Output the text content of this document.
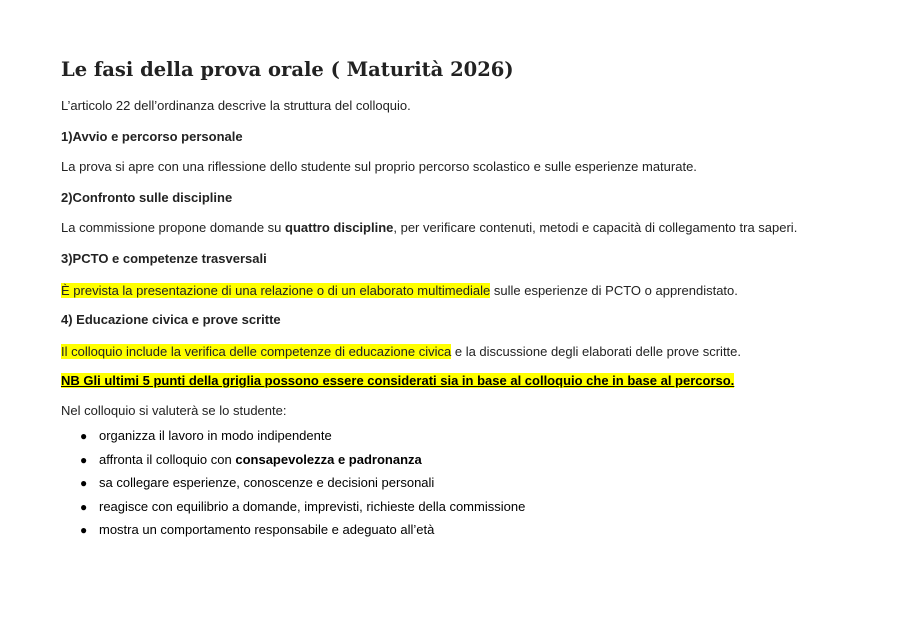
Le fasi della prova orale ( Maturità 2026)
L’articolo 22 dell’ordinanza descrive la struttura del colloquio.
1)Avvio e percorso personale
La prova si apre con una riflessione dello studente sul proprio percorso scolastico e sulle esperienze maturate.
2)Confronto sulle discipline
La commissione propone domande su quattro discipline, per verificare contenuti, metodi e capacità di collegamento tra saperi.
3)PCTO e competenze trasversali
È prevista la presentazione di una relazione o di un elaborato multimediale sulle esperienze di PCTO o apprendistato.
4) Educazione civica e prove scritte
Il colloquio include la verifica delle competenze di educazione civica e la discussione degli elaborati delle prove scritte.
NB Gli ultimi 5 punti della griglia possono essere considerati sia in base al colloquio che in base al percorso.
Nel colloquio si valuterà se lo studente:
● organizza il lavoro in modo indipendente
● affronta il colloquio con consapevolezza e padronanza
● sa collegare esperienze, conoscenze e decisioni personali
● reagisce con equilibrio a domande, imprevisti, richieste della commissione
● mostra un comportamento responsabile e adeguato all’età
